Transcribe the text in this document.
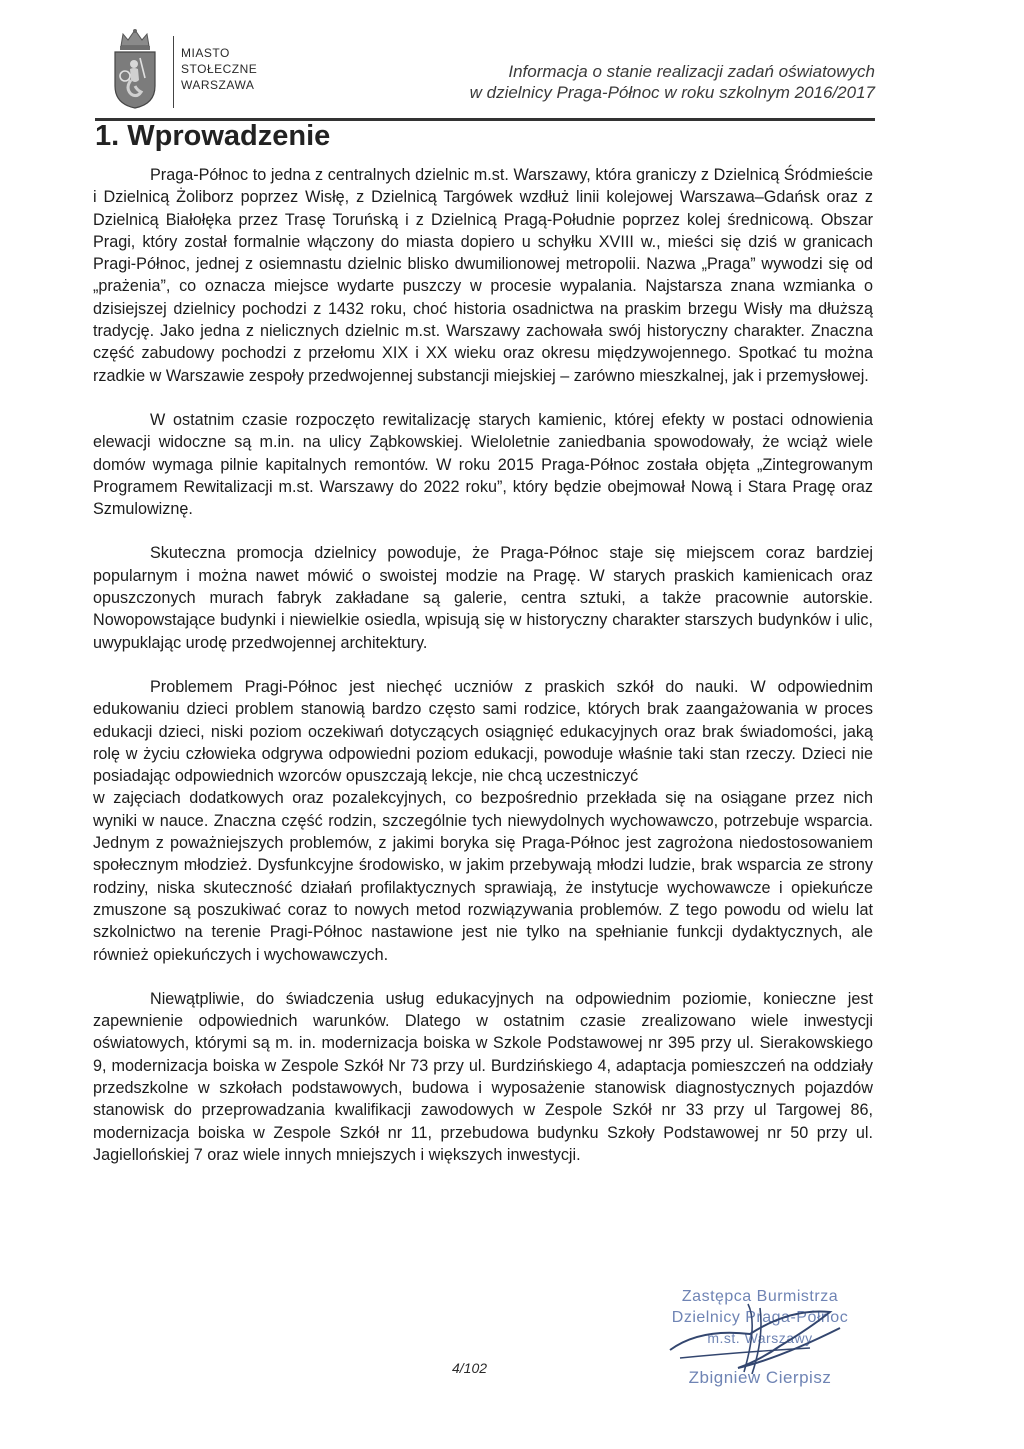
MIASTO
STOŁECZNE
WARSZAWA
Informacja o stanie realizacji zadań oświatowych
w dzielnicy Praga-Północ w roku szkolnym 2016/2017
1. Wprowadzenie

Praga-Północ to jedna z centralnych dzielnic m.st. Warszawy, która graniczy z Dzielnicą Śródmieście i Dzielnicą Żoliborz poprzez Wisłę, z Dzielnicą Targówek wzdłuż linii kolejowej Warszawa–Gdańsk oraz z Dzielnicą Białołęka przez Trasę Toruńską i z Dzielnicą Pragą-Południe poprzez kolej średnicową. Obszar Pragi, który został formalnie włączony do miasta dopiero u schyłku XVIII w., mieści się dziś w granicach Pragi-Północ, jednej z osiemnastu dzielnic blisko dwumilionowej metropolii. Nazwa „Praga” wywodzi się od „prażenia”, co oznacza miejsce wydarte puszczy w procesie wypalania. Najstarsza znana wzmianka o dzisiejszej dzielnicy pochodzi z 1432 roku, choć historia osadnictwa na praskim brzegu Wisły ma dłuższą tradycję. Jako jedna z nielicznych dzielnic m.st. Warszawy zachowała swój historyczny charakter. Znaczna część zabudowy pochodzi z przełomu XIX i XX wieku oraz okresu międzywojennego. Spotkać tu można rzadkie w Warszawie zespoły przedwojennej substancji miejskiej – zarówno mieszkalnej, jak i przemysłowej.

W ostatnim czasie rozpoczęto rewitalizację starych kamienic, której efekty w postaci odnowienia elewacji widoczne są m.in. na ulicy Ząbkowskiej. Wieloletnie zaniedbania spowodowały, że wciąż wiele domów wymaga pilnie kapitalnych remontów. W roku 2015 Praga-Północ została objęta „Zintegrowanym Programem Rewitalizacji m.st. Warszawy do 2022 roku”, który będzie obejmował Nową i Stara Pragę oraz Szmulowiznę.

Skuteczna promocja dzielnicy powoduje, że Praga-Północ staje się miejscem coraz bardziej popularnym i można nawet mówić o swoistej modzie na Pragę. W starych praskich kamienicach oraz opuszczonych murach fabryk zakładane są galerie, centra sztuki, a także pracownie autorskie. Nowopowstające budynki i niewielkie osiedla, wpisują się w historyczny charakter starszych budynków i ulic, uwypuklając urodę przedwojennej architektury.

Problemem Pragi-Północ jest niechęć uczniów z praskich szkół do nauki. W odpowiednim edukowaniu dzieci problem stanowią bardzo często sami rodzice, których brak zaangażowania w proces edukacji dzieci, niski poziom oczekiwań dotyczących osiągnięć edukacyjnych oraz brak świadomości, jaką rolę w życiu człowieka odgrywa odpowiedni poziom edukacji, powoduje właśnie taki stan rzeczy. Dzieci nie posiadając odpowiednich wzorców opuszczają lekcje, nie chcą uczestniczyć

w zajęciach dodatkowych oraz pozalekcyjnych, co bezpośrednio przekłada się na osiągane przez nich wyniki w nauce. Znaczna część rodzin, szczególnie tych niewydolnych wychowawczo, potrzebuje wsparcia. Jednym z poważniejszych problemów, z jakimi boryka się Praga-Północ jest zagrożona niedostosowaniem społecznym młodzież. Dysfunkcyjne środowisko, w jakim przebywają młodzi ludzie, brak wsparcia ze strony rodziny, niska skuteczność działań profilaktycznych sprawiają, że instytucje wychowawcze i opiekuńcze zmuszone są poszukiwać coraz to nowych metod rozwiązywania problemów. Z tego powodu od wielu lat szkolnictwo na terenie Pragi-Północ nastawione jest nie tylko na spełnianie funkcji dydaktycznych, ale również opiekuńczych i wychowawczych.

Niewątpliwie, do świadczenia usług edukacyjnych na odpowiednim poziomie, konieczne jest zapewnienie odpowiednich warunków. Dlatego w ostatnim czasie zrealizowano wiele inwestycji oświatowych, którymi są m. in. modernizacja boiska w Szkole Podstawowej nr 395 przy ul. Sierakowskiego 9, modernizacja boiska w Zespole Szkół Nr 73 przy ul. Burdzińskiego 4, adaptacja pomieszczeń na oddziały przedszkolne w szkołach podstawowych, budowa i wyposażenie stanowisk diagnostycznych pojazdów stanowisk do przeprowadzania kwalifikacji zawodowych w Zespole Szkół nr 33 przy ul Targowej 86, modernizacja boiska w Zespole Szkół nr 11, przebudowa budynku Szkoły Podstawowej nr 50 przy ul. Jagiellońskiej 7 oraz wiele innych mniejszych i większych inwestycji.

Zastępca Burmistrza
Dzielnicy Praga-Północ
m.st. Warszawy
Zbigniew Cierpisz
4/102
